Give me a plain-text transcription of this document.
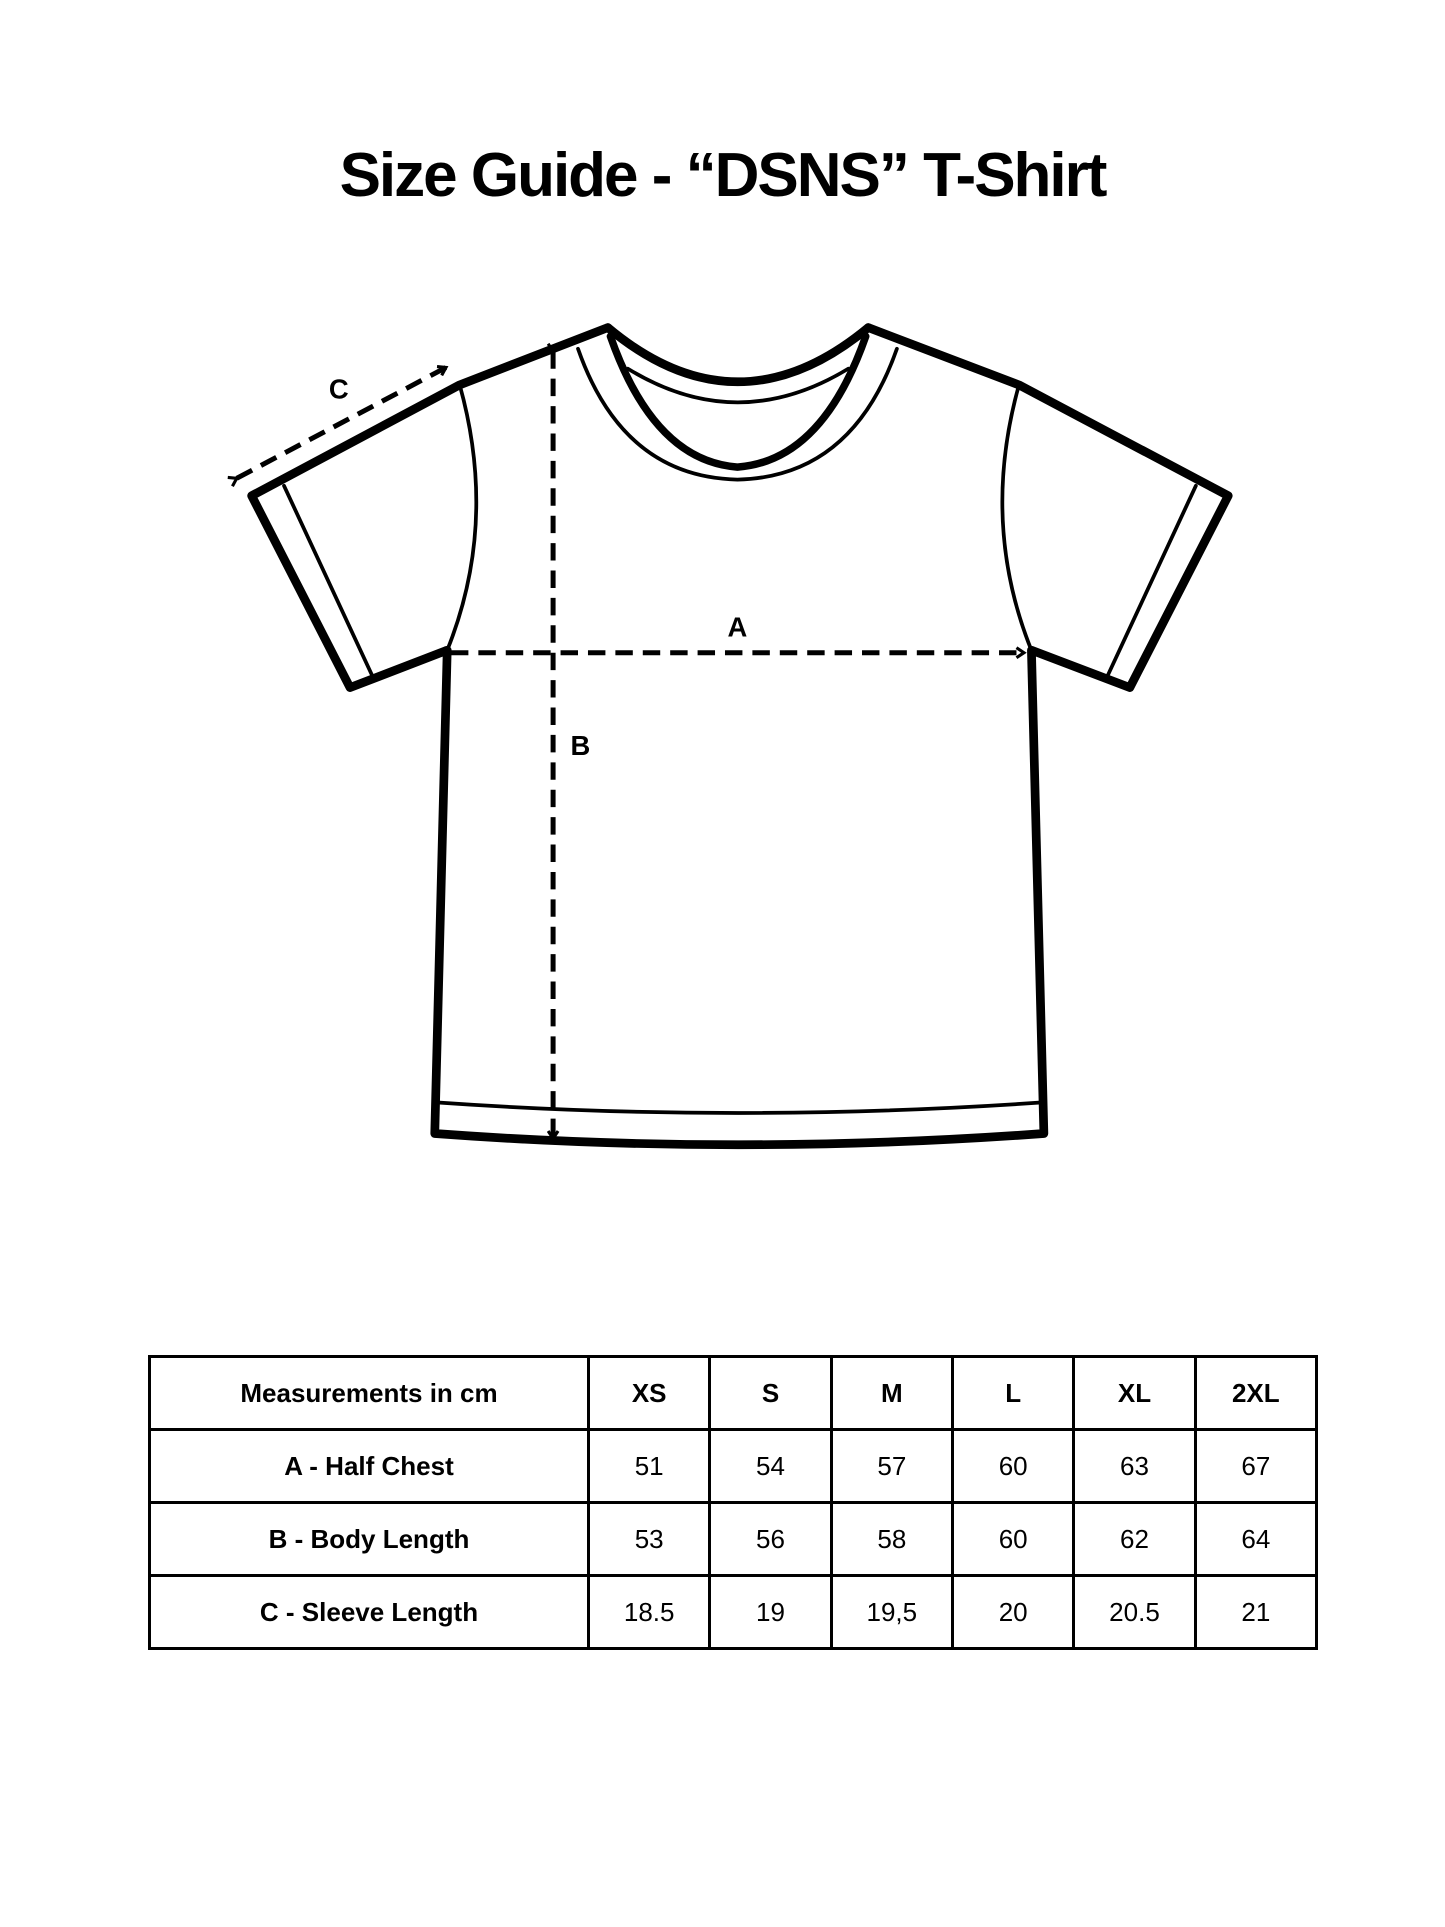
Size Guide - “DSNS” T-Shirt
A
B
C
Measurements in cm	XS	S	M	L	XL	2XL
A - Half Chest	51	54	57	60	63	67
B - Body Length	53	56	58	60	62	64
C - Sleeve Length	18.5	19	19,5	20	20.5	21
